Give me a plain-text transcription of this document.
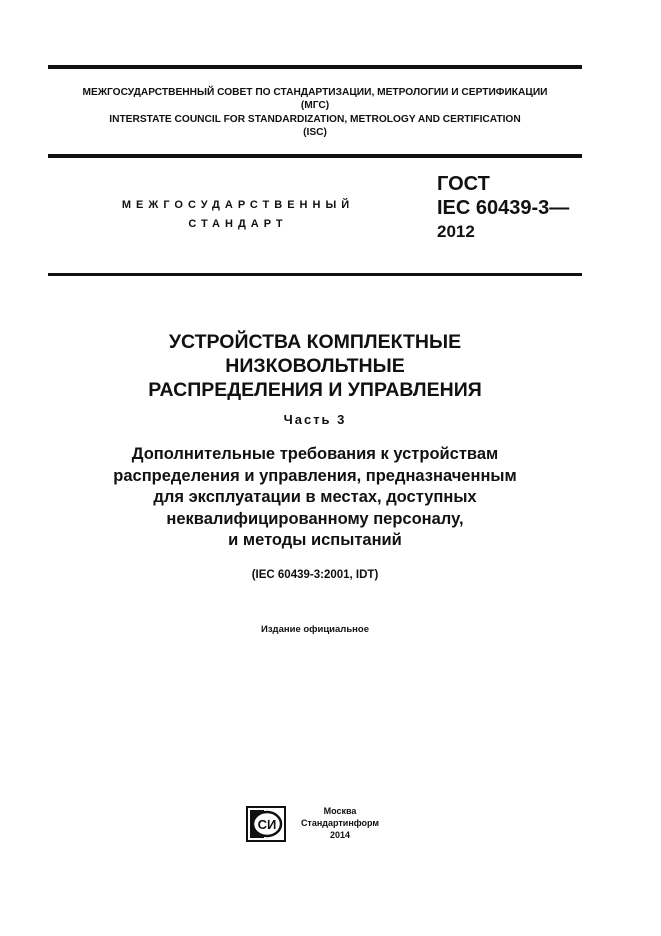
МЕЖГОСУДАРСТВЕННЫЙ СОВЕТ ПО СТАНДАРТИЗАЦИИ, МЕТРОЛОГИИ И СЕРТИФИКАЦИИ
(МГС)
INTERSTATE COUNCIL FOR STANDARDIZATION, METROLOGY AND CERTIFICATION
(ISC)
МЕЖГОСУДАРСТВЕННЫЙ
СТАНДАРТ
ГОСТ
IEC 60439-3—
2012
УСТРОЙСТВА КОМПЛЕКТНЫЕ
НИЗКОВОЛЬТНЫЕ
РАСПРЕДЕЛЕНИЯ И УПРАВЛЕНИЯ
Часть 3
Дополнительные требования к устройствам
распределения и управления, предназначенным
для эксплуатации в местах, доступных
неквалифицированному персоналу,
и методы испытаний
(IEC 60439-3:2001, IDT)
Издание официальное
СИ
Москва
Стандартинформ
2014
